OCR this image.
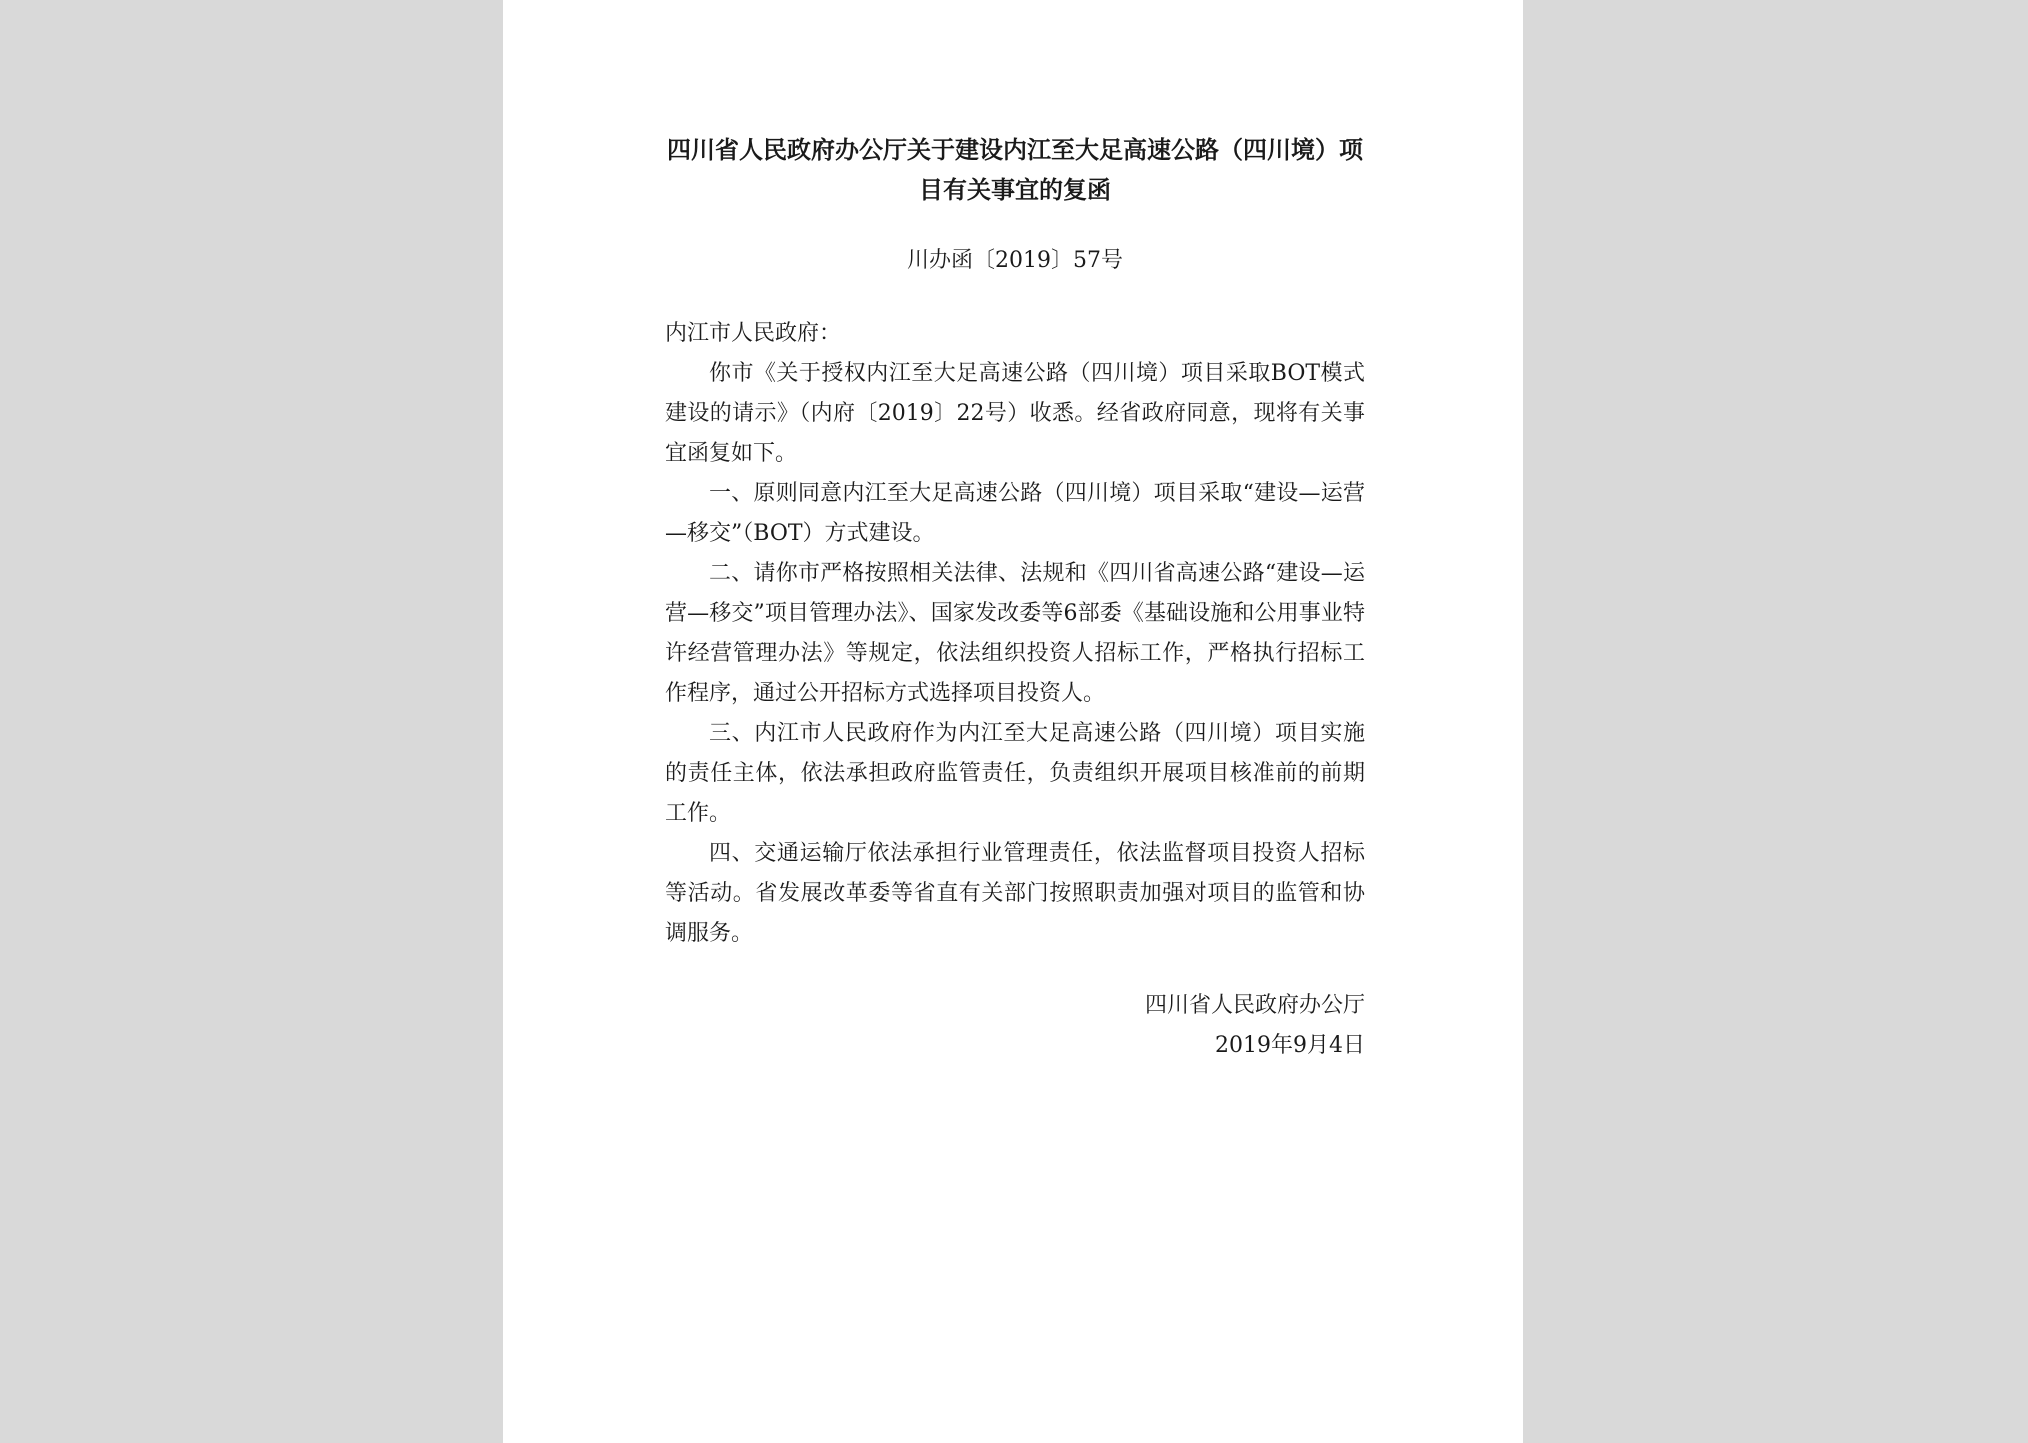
四川省人民政府办公厅关于建设内江至大足高速公路（四川境）项目有关事宜的复函

川办函〔2019〕57号
内江市人民政府：

你市《关于授权内江至大足高速公路（四川境）项目采取BOT模式建设的请示》（内府〔2019〕22号）收悉。经省政府同意，现将有关事宜函复如下。

一、原则同意内江至大足高速公路（四川境）项目采取“建设—运营—移交”（BOT）方式建设。

二、请你市严格按照相关法律、法规和《四川省高速公路“建设—运营—移交”项目管理办法》、国家发改委等6部委《基础设施和公用事业特许经营管理办法》等规定，依法组织投资人招标工作，严格执行招标工作程序，通过公开招标方式选择项目投资人。

三、内江市人民政府作为内江至大足高速公路（四川境）项目实施的责任主体，依法承担政府监管责任，负责组织开展项目核准前的前期工作。

四、交通运输厅依法承担行业管理责任，依法监督项目投资人招标等活动。省发展改革委等省直有关部门按照职责加强对项目的监管和协调服务。

四川省人民政府办公厅
2019年9月4日
